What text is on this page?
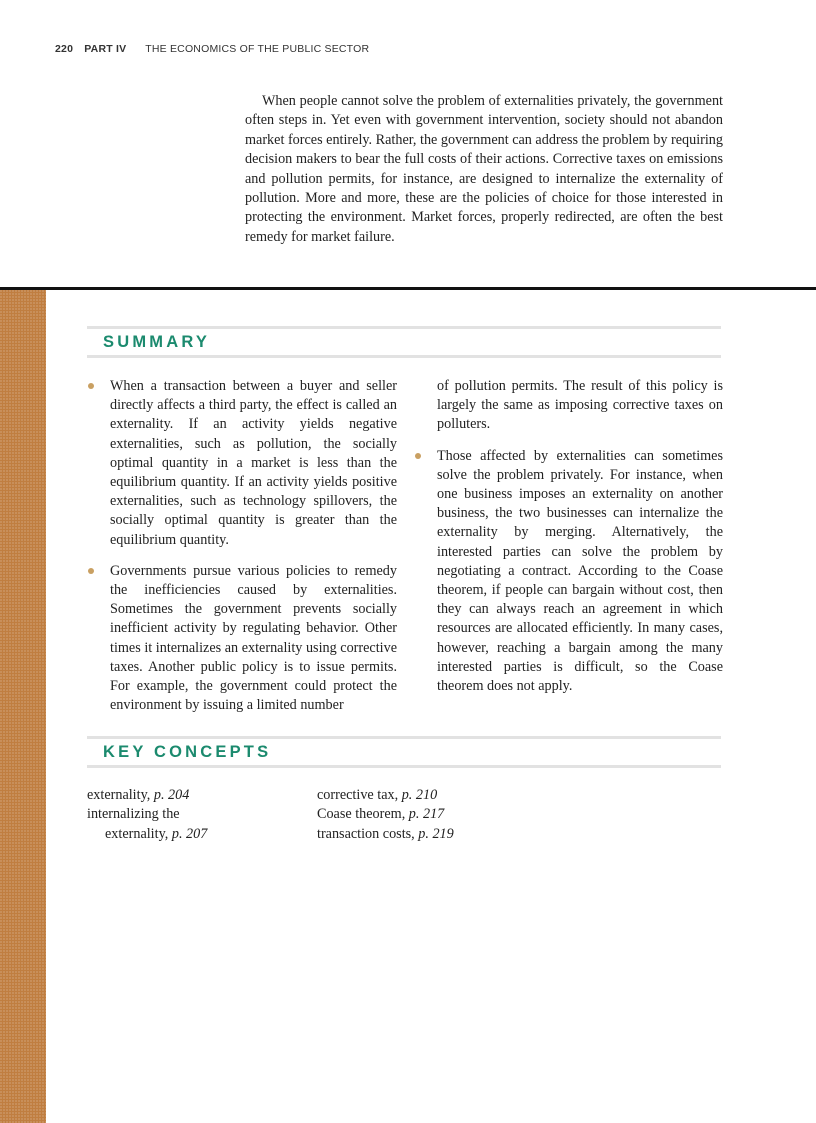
220 PART IV THE ECONOMICS OF THE PUBLIC SECTOR

When people cannot solve the problem of externalities privately, the government often steps in. Yet even with government intervention, society should not abandon market forces entirely. Rather, the government can address the problem by requiring decision makers to bear the full costs of their actions. Corrective taxes on emissions and pollution permits, for instance, are designed to internalize the externality of pollution. More and more, these are the policies of choice for those interested in protecting the environment. Market forces, properly redirected, are often the best remedy for market failure.

SUMMARY

When a transaction between a buyer and seller directly affects a third party, the effect is called an externality. If an activity yields negative externalities, such as pollution, the socially optimal quantity in a market is less than the equilibrium quantity. If an activity yields positive externalities, such as technology spillovers, the socially optimal quantity is greater than the equilibrium quantity.

Governments pursue various policies to remedy the inefficiencies caused by externalities. Sometimes the government prevents socially inefficient activity by regulating behavior. Other times it internalizes an externality using corrective taxes. Another public policy is to issue permits. For example, the government could protect the environment by issuing a limited number

of pollution permits. The result of this policy is largely the same as imposing corrective taxes on polluters.

Those affected by externalities can sometimes solve the problem privately. For instance, when one business imposes an externality on another business, the two businesses can internalize the externality by merging. Alternatively, the interested parties can solve the problem by negotiating a contract. According to the Coase theorem, if people can bargain without cost, then they can always reach an agreement in which resources are allocated efficiently. In many cases, however, reaching a bargain among the many interested parties is difficult, so the Coase theorem does not apply.

KEY CONCEPTS
externality, p. 204
internalizing the
externality, p. 207
corrective tax, p. 210
Coase theorem, p. 217
transaction costs, p. 219
